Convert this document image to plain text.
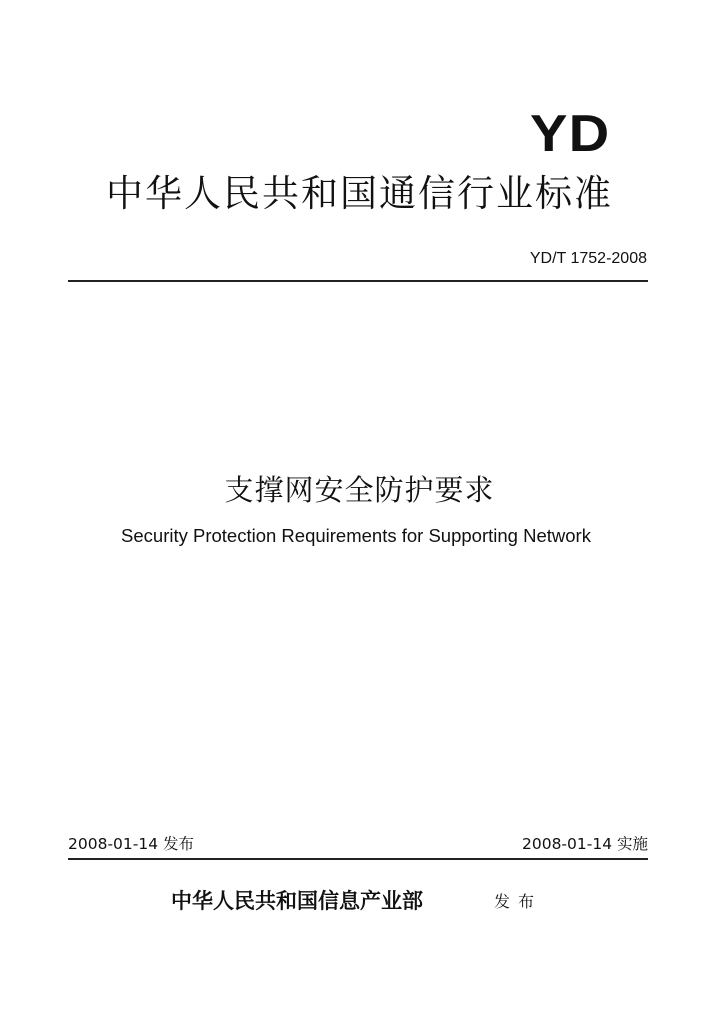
YD
中华人民共和国通信行业标准
YD/T 1752-2008
支撑网安全防护要求
Security Protection Requirements for Supporting Network
2008-01-14 发布	2008-01-14 实施
中华人民共和国信息产业部	发布
